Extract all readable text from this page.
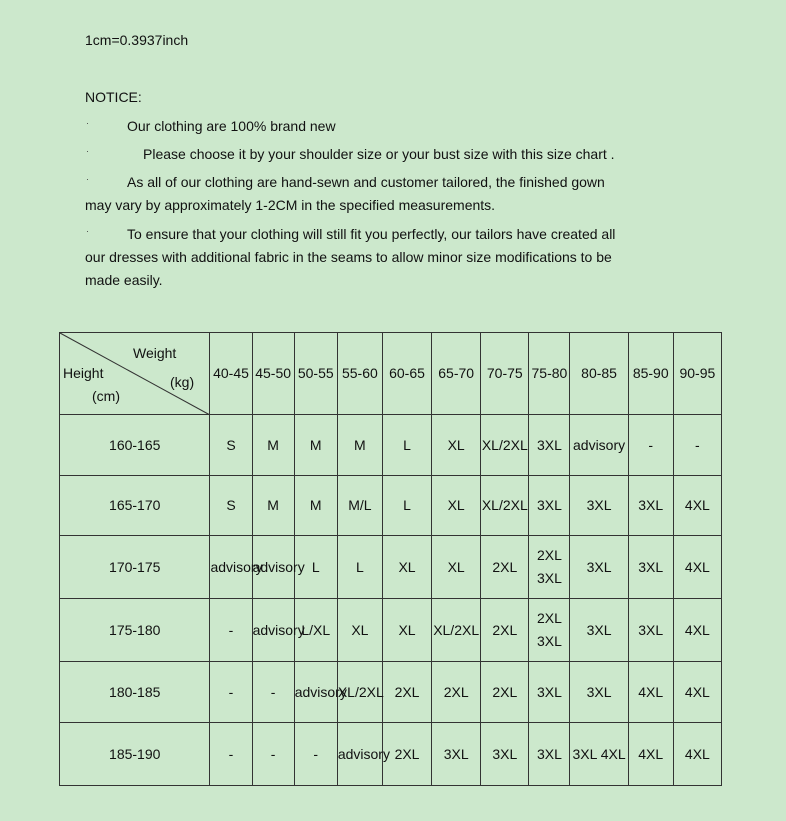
1cm=0.3937inch
NOTICE:
·	Our clothing are 100% brand new
·	Please choose it by your shoulder size or your bust size with this size chart .
·	As all of our clothing are hand-sewn and customer tailored, the finished gown
may vary by approximately 1-2CM in the specified measurements.
·	To ensure that your clothing will still fit you perfectly, our tailors have created all
our dresses with additional fabric in the seams to allow minor size modifications to be
made easily.
Weight
(kg)
Height
(cm)	40-45	45-50	50-55	55-60	60-65	65-70	70-75	75-80	80-85	85-90	90-95
160-165	S	M	M	M	L	XL	XL/2XL	3XL	advisory	-	-
165-170	S	M	M	M/L	L	XL	XL/2XL	3XL	3XL	3XL	4XL
170-175	advisory	advisory	L	L	XL	XL	2XL	2XL 3XL	3XL	3XL	4XL
175-180	-	advisory	L/XL	XL	XL	XL/2XL	2XL	2XL 3XL	3XL	3XL	4XL
180-185	-	-	advisory	XL/2XL	2XL	2XL	2XL	3XL	3XL	4XL	4XL
185-190	-	-	-	advisory	2XL	3XL	3XL	3XL	3XL 4XL	4XL	4XL
